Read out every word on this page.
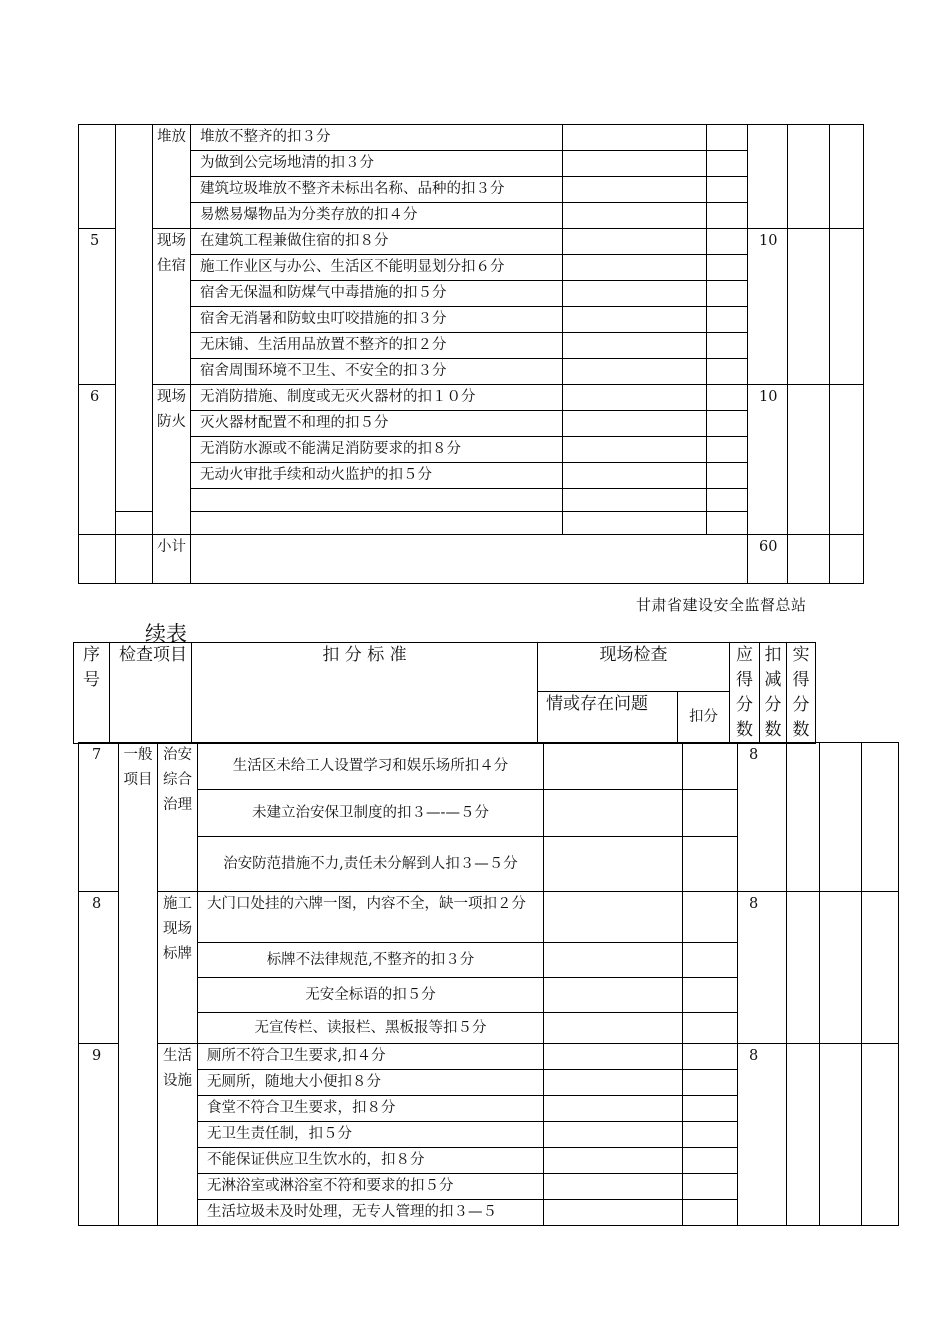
		堆放	堆放不整齐的扣３分					
			为做到公完场地清的扣３分					
			建筑垃圾堆放不整齐未标出名称、品种的扣３分					
			易燃易爆物品为分类存放的扣４分					
5		现场住宿	在建筑工程兼做住宿的扣８分			10		
			施工作业区与办公、生活区不能明显划分扣６分					
			宿舍无保温和防煤气中毒措施的扣５分					
			宿舍无消暑和防蚊虫叮咬措施的扣３分					
			无床铺、生活用品放置不整齐的扣２分					
			宿舍周围环境不卫生、不安全的扣３分					
6		现场防火	无消防措施、制度或无灭火器材的扣１０分			10		
			灭火器材配置不和理的扣５分					
			无消防水源或不能满足消防要求的扣８分					
			无动火审批手续和动火监护的扣５分					

		小计				60		
甘肃省建设安全监督总站
续表
序号	检查项目	扣 分 标 准	现场检查		应得分数	扣减分数	实得分数
			情或存在问题	扣分			
7	一般项目	治安综合治理	生活区未给工人设置学习和娱乐场所扣４分			8			
			未建立治安保卫制度的扣３—-—５分						
			治安防范措施不力,责任未分解到人扣３—５分						
8		施工现场标牌	大门口处挂的六牌一图，内容不全，缺一项扣２分			8			
			标牌不法律规范,不整齐的扣３分						
			无安全标语的扣５分						
			无宣传栏、读报栏、黑板报等扣５分						
9		生活设施	厕所不符合卫生要求,扣４分			8			
			无厕所，随地大小便扣８分						
			食堂不符合卫生要求，扣８分						
			无卫生责任制，扣５分						
			不能保证供应卫生饮水的，扣８分						
			无淋浴室或淋浴室不符和要求的扣５分						
			生活垃圾未及时处理，无专人管理的扣３—５						
